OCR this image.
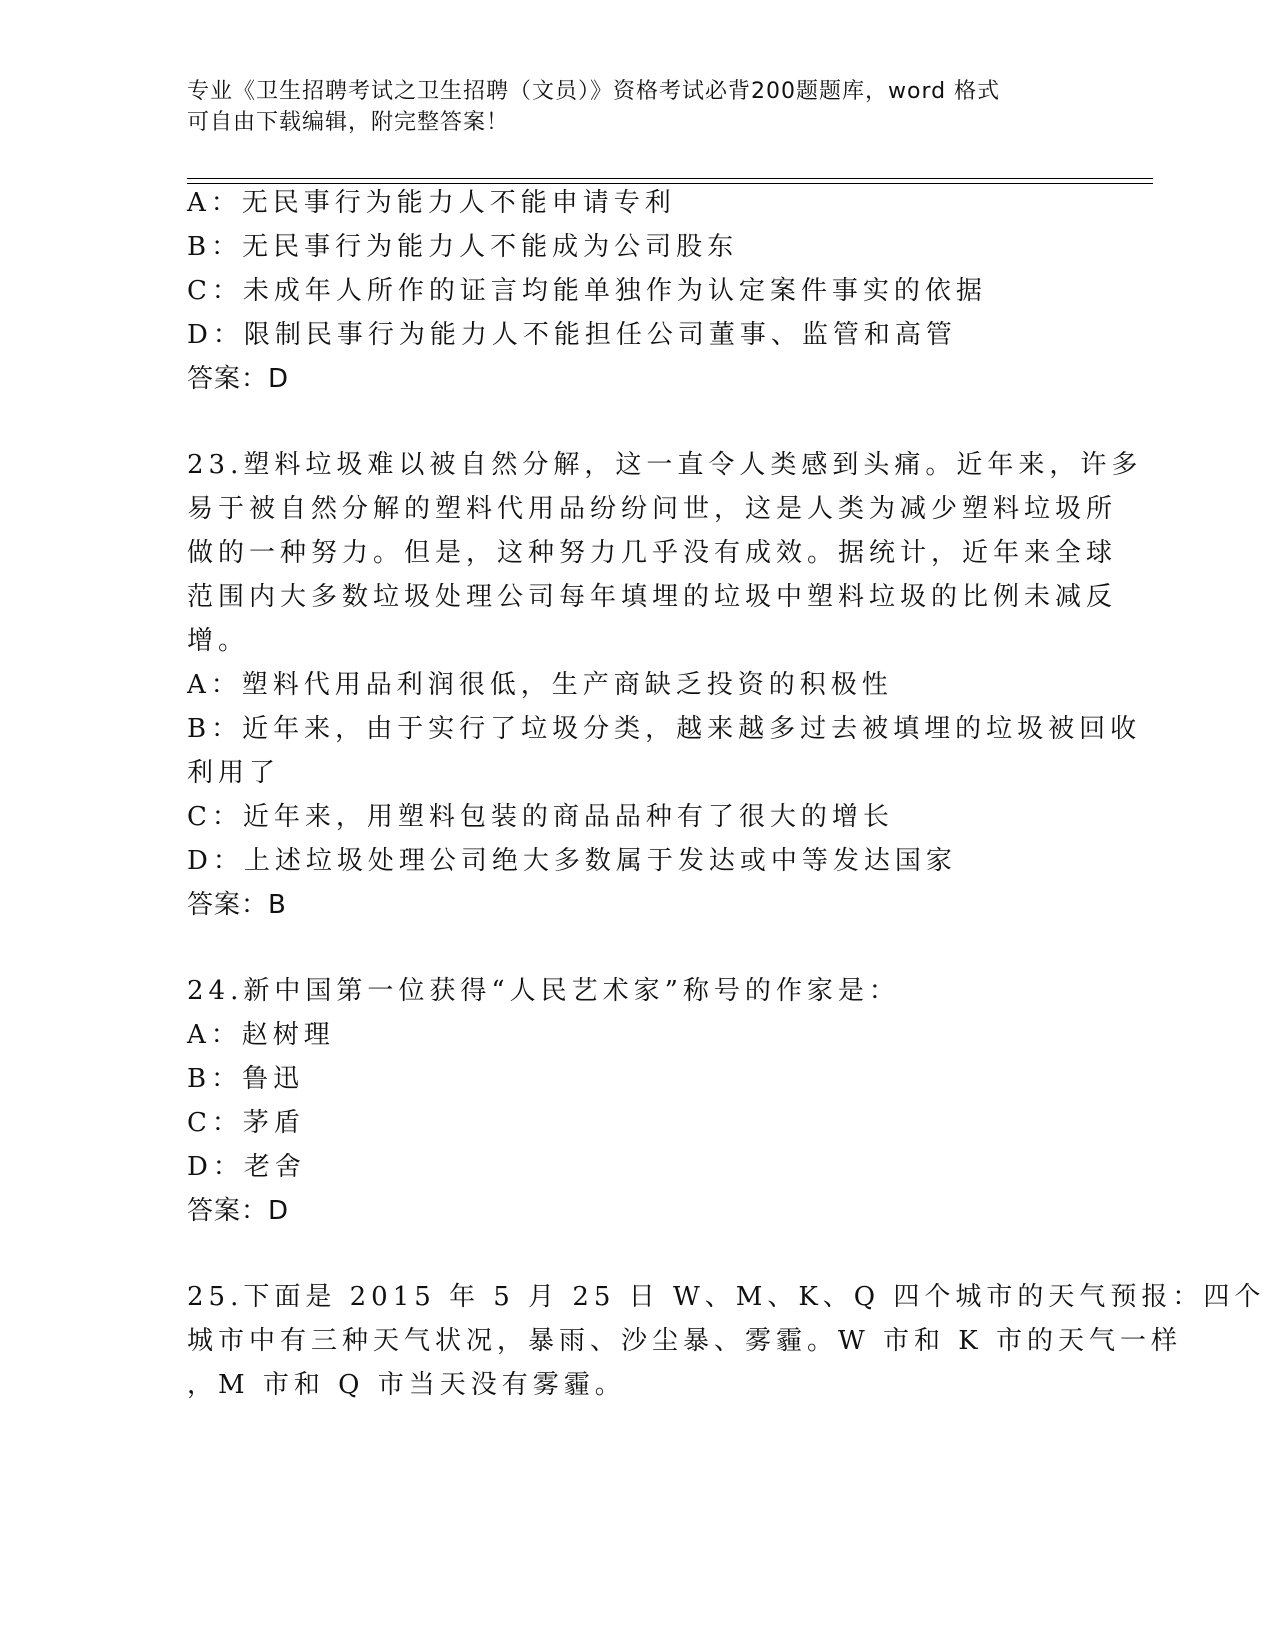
专业《卫生招聘考试之卫生招聘（文员）》资格考试必背200题题库，word 格式
可自由下载编辑，附完整答案！
A：无民事行为能力人不能申请专利
B：无民事行为能力人不能成为公司股东
C：未成年人所作的证言均能单独作为认定案件事实的依据
D：限制民事行为能力人不能担任公司董事、监管和高管
答案：D
23.塑料垃圾难以被自然分解，这一直令人类感到头痛。近年来，许多
易于被自然分解的塑料代用品纷纷问世，这是人类为减少塑料垃圾所
做的一种努力。但是，这种努力几乎没有成效。据统计，近年来全球
范围内大多数垃圾处理公司每年填埋的垃圾中塑料垃圾的比例未减反
增。
A：塑料代用品利润很低，生产商缺乏投资的积极性
B：近年来，由于实行了垃圾分类，越来越多过去被填埋的垃圾被回收
利用了
C：近年来，用塑料包装的商品品种有了很大的增长
D：上述垃圾处理公司绝大多数属于发达或中等发达国家
答案：B
24.新中国第一位获得“人民艺术家”称号的作家是：
A：赵树理
B：鲁迅
C：茅盾
D：老舍
答案：D
25.下面是 2015 年 5 月 25 日 W、M、K、Q 四个城市的天气预报：四个
城市中有三种天气状况，暴雨、沙尘暴、雾霾。W 市和 K 市的天气一样
，M 市和 Q 市当天没有雾霾。
